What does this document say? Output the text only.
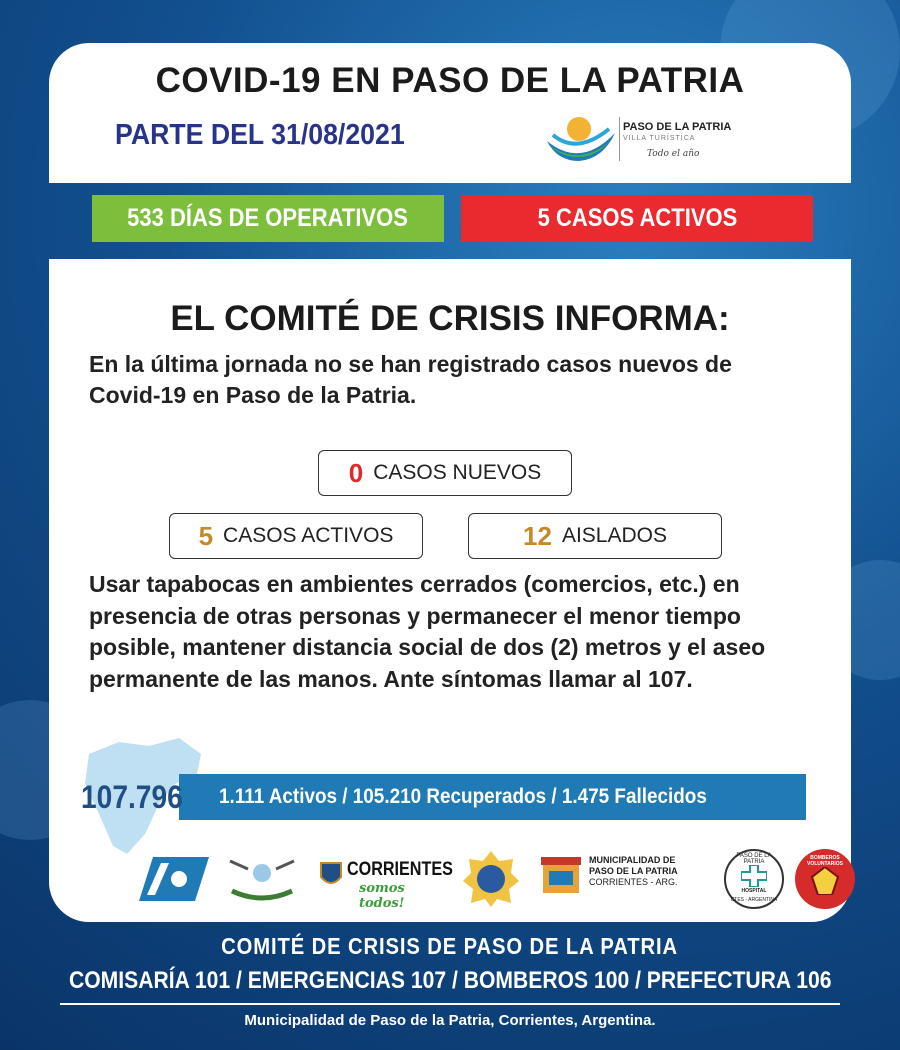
COVID-19 EN PASO DE LA PATRIA
PARTE DEL 31/08/2021	PASO DE LA PATRIA
VILLA TURÍSTICA
Todo el año
533 DÍAS DE OPERATIVOS	5 CASOS ACTIVOS
EL COMITÉ DE CRISIS INFORMA:
En la última jornada no se han registrado casos nuevos de Covid-19 en Paso de la Patria.
0 CASOS NUEVOS
5 CASOS ACTIVOS	12 AISLADOS
Usar tapabocas en ambientes cerrados (comercios, etc.) en presencia de otras personas y permanecer el menor tiempo posible, mantener distancia social de dos (2) metros y el aseo permanente de las manos. Ante síntomas llamar al 107.
1.111 Activos / 105.210 Recuperados / 1.475 Fallecidos
107.796
CORRIENTES
somos todos!
MUNICIPALIDAD DE
PASO DE LA PATRIA
CORRIENTES - ARG.
PASO DE LA PATRIA
HOSPITAL
CTES - ARGENTINA
BOMBEROS VOLUNTARIOS
COMITÉ DE CRISIS DE PASO DE LA PATRIA
COMISARÍA 101 / EMERGENCIAS 107 / BOMBEROS 100 / PREFECTURA 106
Municipalidad de Paso de la Patria, Corrientes, Argentina.
